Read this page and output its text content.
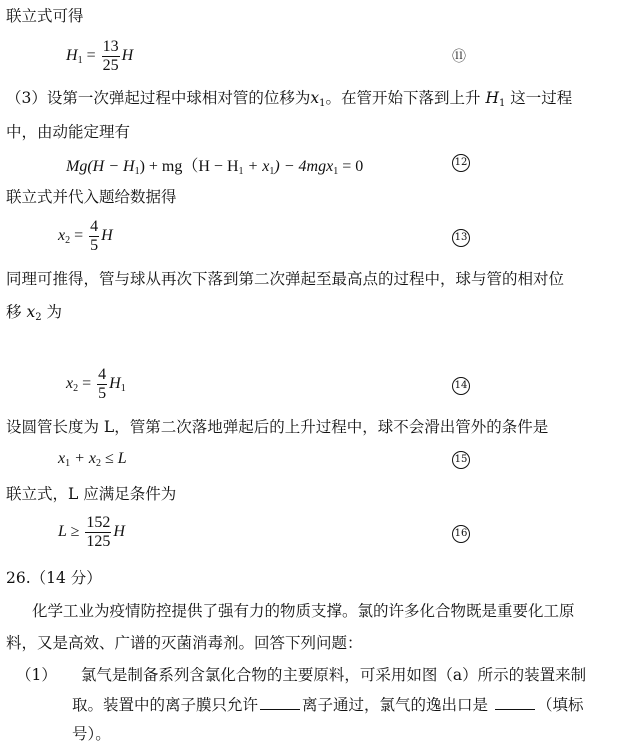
联立式可得
$H_1 = \frac{13}{25}$ H	⑪
（3）设第一次弹起过程中球相对管的位移为$x_1$。在管开始下落到上升 $H_1$ 这一过程
中，由动能定理有
$Mg(H - H_1) + mg(H - H_1 + x_1) - 4mgx_1 = 0$	12
联立式并代入题给数据得
$x_2 = \frac{4}{5}$ H	13
同理可推得，管与球从再次下落到第二次弹起至最高点的过程中，球与管的相对位
移 $x_2$ 为
$x_2 = \frac{4}{5} H_1$	14
设圆管长度为 L，管第二次落地弹起后的上升过程中，球不会滑出管外的条件是
$x_1 + x_2 \le L$	15
联立式，L 应满足条件为
$L \ge \frac{152}{125}$ H	16
26.（14 分）
化学工业为疫情防控提供了强有力的物质支撑。氯的许多化合物既是重要化工原
料，又是高效、广谱的灭菌消毒剂。回答下列问题：
（1） 氯气是制备系列含氯化合物的主要原料，可采用如图（a）所示的装置来制
取。装置中的离子膜只允许	离子通过，氯气的逸出口是	（填标
号）。
